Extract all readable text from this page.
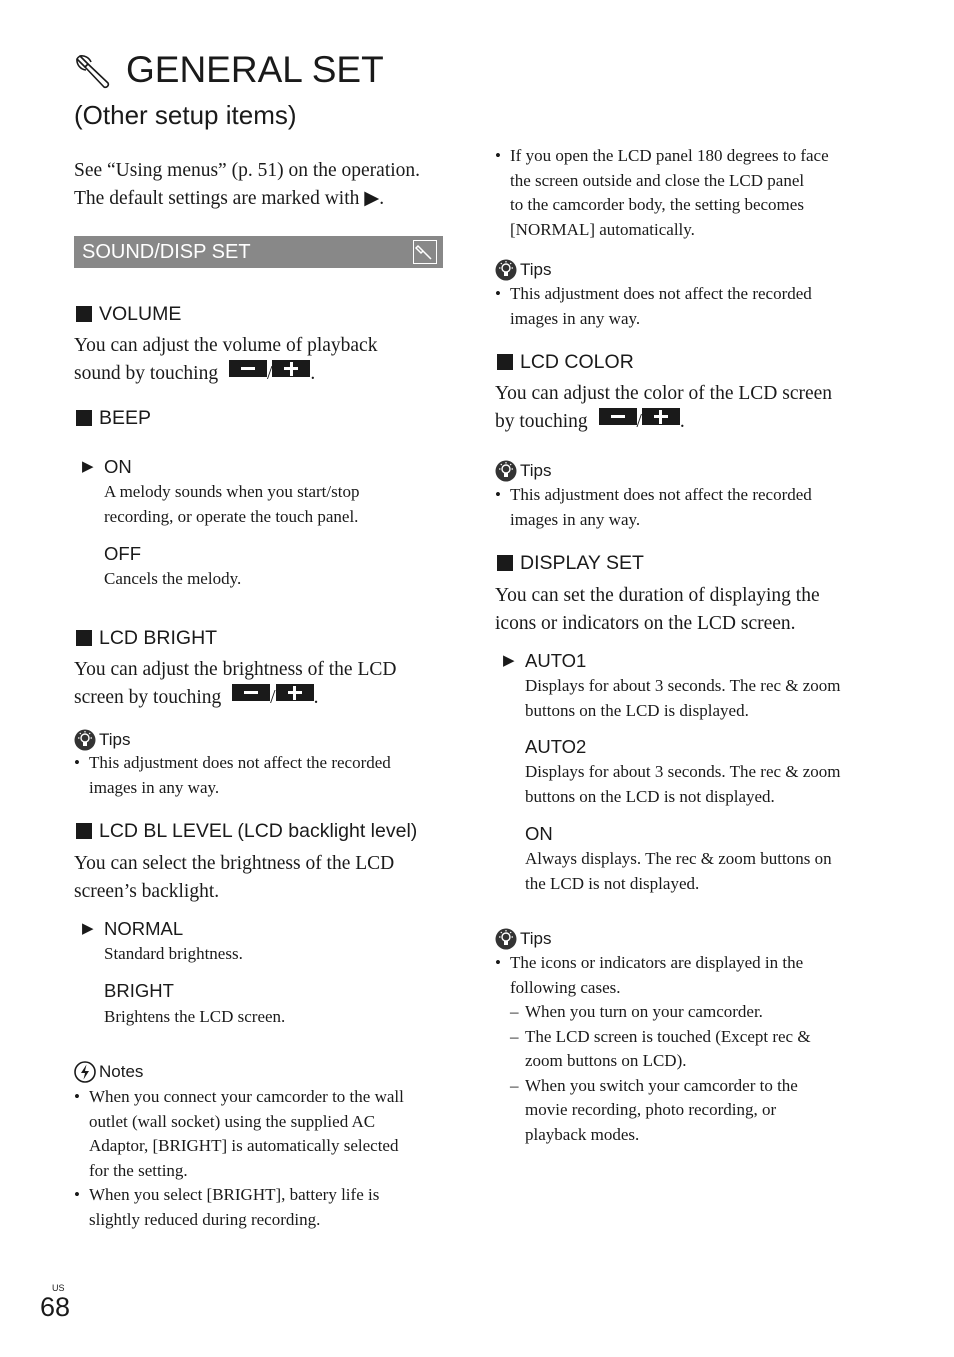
GENERAL SET
(Other setup items)
See “Using menus” (p. 51) on the operation.
The default settings are marked with ▶.
SOUND/DISP SET
VOLUME
You can adjust the volume of playback
sound by touching	/ .
BEEP
▶ ON
A melody sounds when you start/stop
recording, or operate the touch panel.
OFF
Cancels the melody.
LCD BRIGHT
You can adjust the brightness of the LCD
screen by touching	/ .
Tips
• This adjustment does not affect the recorded
images in any way.
LCD BL LEVEL (LCD backlight level)
You can select the brightness of the LCD
screen’s backlight.
▶ NORMAL
Standard brightness.
BRIGHT
Brightens the LCD screen.
Notes
• When you connect your camcorder to the wall
outlet (wall socket) using the supplied AC
Adaptor, [BRIGHT] is automatically selected
for the setting.
• When you select [BRIGHT], battery life is
slightly reduced during recording.
• If you open the LCD panel 180 degrees to face
the screen outside and close the LCD panel
to the camcorder body, the setting becomes
[NORMAL] automatically.
Tips
• This adjustment does not affect the recorded
images in any way.
LCD COLOR
You can adjust the color of the LCD screen
by touching	/ .
Tips
• This adjustment does not affect the recorded
images in any way.
DISPLAY SET
You can set the duration of displaying the
icons or indicators on the LCD screen.
▶ AUTO1
Displays for about 3 seconds. The rec & zoom
buttons on the LCD is displayed.
AUTO2
Displays for about 3 seconds. The rec & zoom
buttons on the LCD is not displayed.
ON
Always displays. The rec & zoom buttons on
the LCD is not displayed.
Tips
• The icons or indicators are displayed in the
following cases.
– When you turn on your camcorder.
– The LCD screen is touched (Except rec &
zoom buttons on LCD).
– When you switch your camcorder to the
movie recording, photo recording, or
playback modes.
US
68
